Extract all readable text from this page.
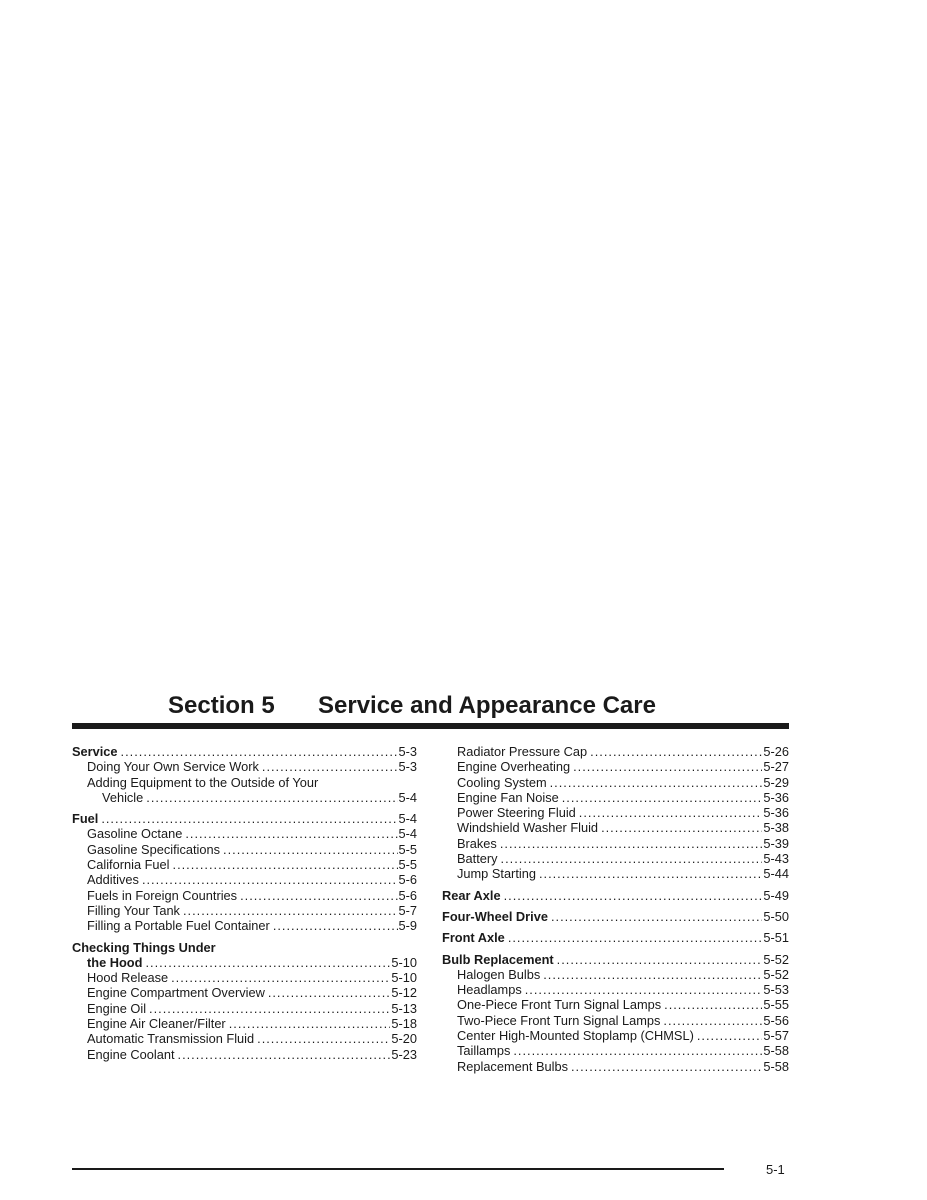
Section 5 Service and Appearance Care
Service .....	5-3
Doing Your Own Service Work .....	5-3
Adding Equipment to the Outside of Your
Vehicle .....	5-4
Fuel .....	5-4
Gasoline Octane .....	5-4
Gasoline Specifications .....	5-5
California Fuel .....	5-5
Additives .....	5-6
Fuels in Foreign Countries .....	5-6
Filling Your Tank .....	5-7
Filling a Portable Fuel Container .....	5-9
Checking Things Under
the Hood .....	5-10
Hood Release .....	5-10
Engine Compartment Overview .....	5-12
Engine Oil .....	5-13
Engine Air Cleaner/Filter .....	5-18
Automatic Transmission Fluid .....	5-20
Engine Coolant .....	5-23
Radiator Pressure Cap .....	5-26
Engine Overheating .....	5-27
Cooling System .....	5-29
Engine Fan Noise .....	5-36
Power Steering Fluid .....	5-36
Windshield Washer Fluid .....	5-38
Brakes .....	5-39
Battery .....	5-43
Jump Starting .....	5-44
Rear Axle .....	5-49
Four-Wheel Drive .....	5-50
Front Axle .....	5-51
Bulb Replacement .....	5-52
Halogen Bulbs .....	5-52
Headlamps .....	5-53
One-Piece Front Turn Signal Lamps .....	5-55
Two-Piece Front Turn Signal Lamps .....	5-56
Center High-Mounted Stoplamp (CHMSL) .....	5-57
Taillamps .....	5-58
Replacement Bulbs .....	5-58
5-1
